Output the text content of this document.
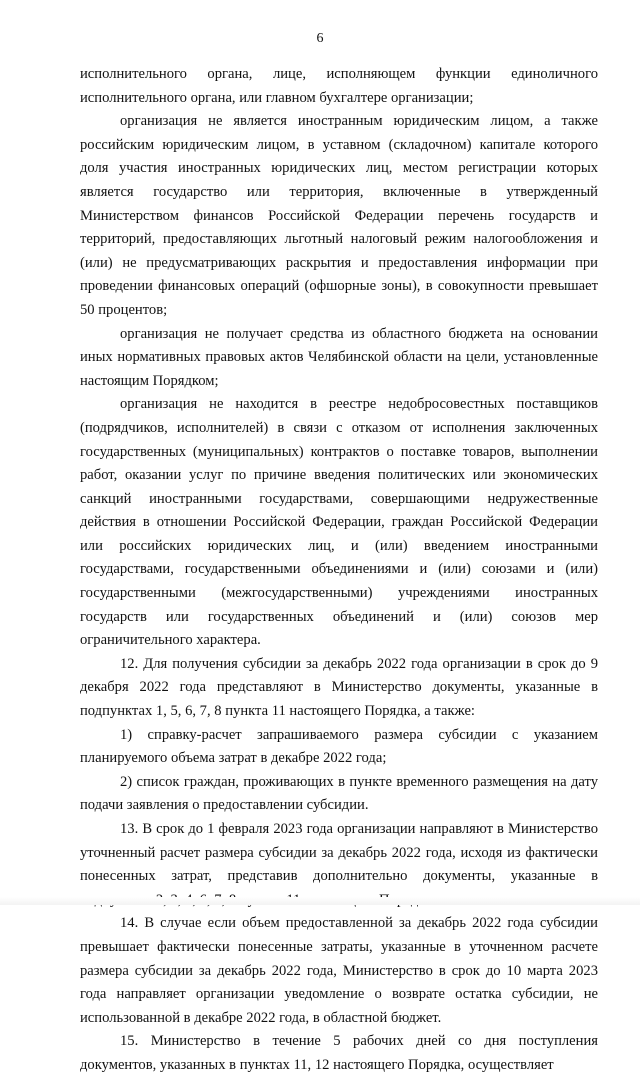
6

исполнительного органа, лице, исполняющем функции единоличного исполнительного органа, или главном бухгалтере организации;

организация не является иностранным юридическим лицом, а также российским юридическим лицом, в уставном (складочном) капитале которого доля участия иностранных юридических лиц, местом регистрации которых является государство или территория, включенные в утвержденный Министерством финансов Российской Федерации перечень государств и территорий, предоставляющих льготный налоговый режим налогообложения и (или) не предусматривающих раскрытия и предоставления информации при проведении финансовых операций (офшорные зоны), в совокупности превышает 50 процентов;

организация не получает средства из областного бюджета на основании иных нормативных правовых актов Челябинской области на цели, установленные настоящим Порядком;

организация не находится в реестре недобросовестных поставщиков (подрядчиков, исполнителей) в связи с отказом от исполнения заключенных государственных (муниципальных) контрактов о поставке товаров, выполнении работ, оказании услуг по причине введения политических или экономических санкций иностранными государствами, совершающими недружественные действия в отношении Российской Федерации, граждан Российской Федерации или российских юридических лиц, и (или) введением иностранными государствами, государственными объединениями и (или) союзами и (или) государственными (межгосударственными) учреждениями иностранных государств или государственных объединений и (или) союзов мер ограничительного характера.

12. Для получения субсидии за декабрь 2022 года организации в срок до 9 декабря 2022 года представляют в Министерство документы, указанные в подпунктах 1, 5, 6, 7, 8 пункта 11 настоящего Порядка, а также:

1) справку-расчет запрашиваемого размера субсидии с указанием планируемого объема затрат в декабре 2022 года;

2) список граждан, проживающих в пункте временного размещения на дату подачи заявления о предоставлении субсидии.

13. В срок до 1 февраля 2023 года организации направляют в Министерство уточненный расчет размера субсидии за декабрь 2022 года, исходя из фактически понесенных затрат, представив дополнительно документы, указанные в

14. В случае если объем предоставленной за декабрь 2022 года субсидии превышает фактически понесенные затраты, указанные в уточненном расчете размера субсидии за декабрь 2022 года, Министерство в срок до 10 марта 2023 года направляет организации уведомление о возврате остатка субсидии, не использованной в декабре 2022 года, в областной бюджет.

15. Министерство в течение 5 рабочих дней со дня поступления документов, указанных в пунктах 11, 12 настоящего Порядка, осуществляет
